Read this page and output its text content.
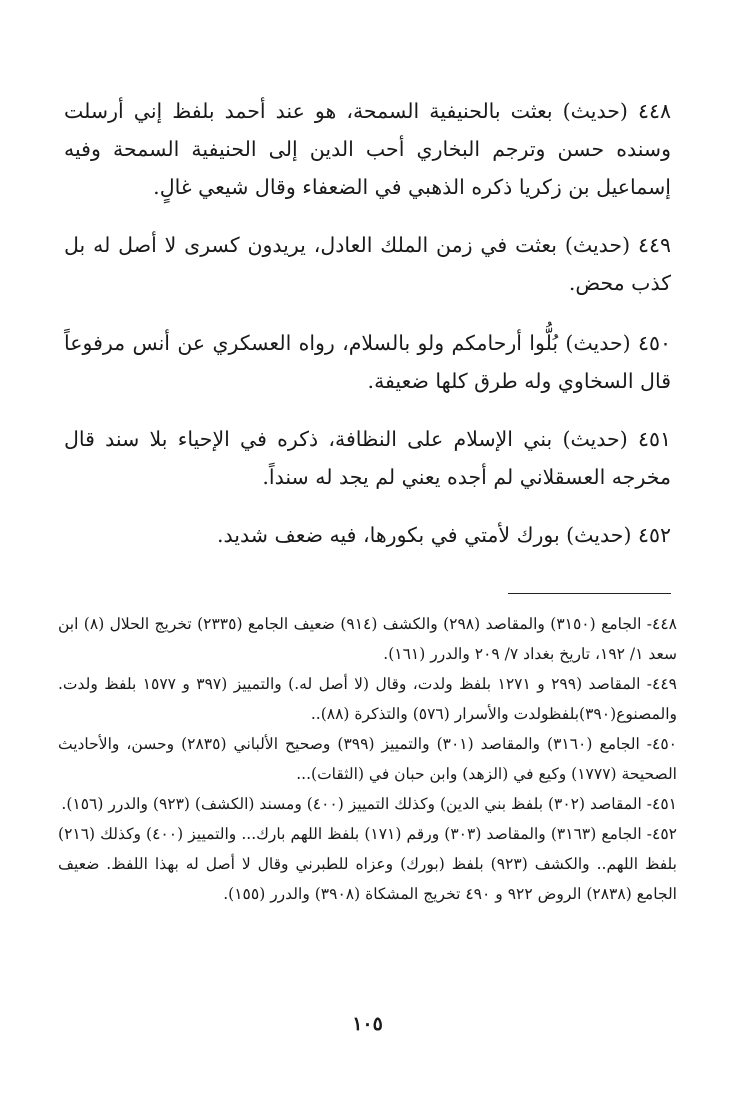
٤٤٨ (حديث) بعثت بالحنيفية السمحة، هو عند أحمد بلفظ إني أرسلت وسنده حسن وترجم البخاري أحب الدين إلى الحنيفية السمحة وفيه إسماعيل بن زكريا ذكره الذهبي في الضعفاء وقال شيعي غالٍ.

٤٤٩ (حديث) بعثت في زمن الملك العادل، يريدون كسرى لا أصل له بل كذب محض.

٤٥٠ (حديث) بُلُّوا أرحامكم ولو بالسلام، رواه العسكري عن أنس مرفوعاً قال السخاوي وله طرق كلها ضعيفة.

٤٥١ (حديث) بني الإسلام على النظافة، ذكره في الإحياء بلا سند قال مخرجه العسقلاني لم أجده يعني لم يجد له سنداً.

٤٥٢ (حديث) بورك لأمتي في بكورها، فيه ضعف شديد.

٤٤٨- الجامع (٣١٥٠) والمقاصد (٢٩٨) والكشف (٩١٤) ضعيف الجامع (٢٣٣٥) تخريج الحلال (٨) ابن سعد ١/ ١٩٢، تاريخ بغداد ٧/ ٢٠٩ والدرر (١٦١).

٤٤٩- المقاصد (٢٩٩ و ١٢٧١ بلفظ ولدت، وقال (لا أصل له.) والتمييز (٣٩٧ و ١٥٧٧ بلفظ ولدت. والمصنوع(٣٩٠)بلفظولدت والأسرار (٥٧٦) والتذكرة (٨٨)..

٤٥٠- الجامع (٣١٦٠) والمقاصد (٣٠١) والتمييز (٣٩٩) وصحيح الألباني (٢٨٣٥) وحسن، والأحاديث الصحيحة (١٧٧٧) وكيع في (الزهد) وابن حبان في (الثقات)...

٤٥١- المقاصد (٣٠٢) بلفظ بني الدين) وكذلك التمييز (٤٠٠) ومسند (الكشف) (٩٢٣) والدرر (١٥٦).

٤٥٢- الجامع (٣١٦٣) والمقاصد (٣٠٣) ورقم (١٧١) بلفظ اللهم بارك... والتمييز (٤٠٠) وكذلك (٢١٦) بلفظ اللهم.. والكشف (٩٢٣) بلفظ (بورك) وعزاه للطبرني وقال لا أصل له بهذا اللفظ. ضعيف الجامع (٢٨٣٨) الروض ٩٢٢ و ٤٩٠ تخريج المشكاة (٣٩٠٨) والدرر (١٥٥).

١٠٥
